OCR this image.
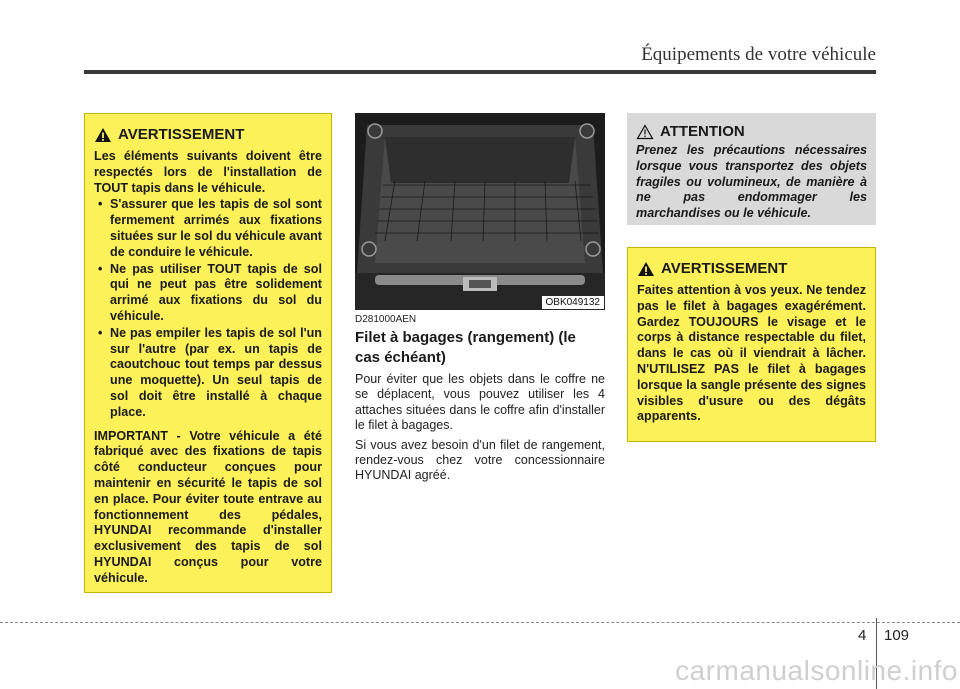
Équipements de votre véhicule
AVERTISSEMENT

Les éléments suivants doivent être respectés lors de l'installation de TOUT tapis dans le véhicule.

• S'assurer que les tapis de sol sont fermement arrimés aux fixations situées sur le sol du véhicule avant de conduire le véhicule.
• Ne pas utiliser TOUT tapis de sol qui ne peut pas être solidement arrimé aux fixations du sol du véhicule.
• Ne pas empiler les tapis de sol l'un sur l'autre (par ex. un tapis de caoutchouc tout temps par dessus une moquette). Un seul tapis de sol doit être installé à chaque place.

IMPORTANT - Votre véhicule a été fabriqué avec des fixations de tapis côté conducteur conçues pour maintenir en sécurité le tapis de sol en place. Pour éviter toute entrave au fonctionnement des pédales, HYUNDAI recommande d'installer exclusivement des tapis de sol HYUNDAI conçus pour votre véhicule.

OBK049132
D281000AEN
Filet à bagages (rangement) (le cas échéant)

Pour éviter que les objets dans le coffre ne se déplacent, vous pouvez utiliser les 4 attaches situées dans le coffre afin d'installer le filet à bagages.

Si vous avez besoin d'un filet de rangement, rendez-vous chez votre concessionnaire HYUNDAI agréé.

ATTENTION
Prenez les précautions nécessaires lorsque vous transportez des objets fragiles ou volumineux, de manière à ne pas endommager les marchandises ou le véhicule.
AVERTISSEMENT
Faites attention à vos yeux. Ne tendez pas le filet à bagages exagérément. Gardez TOUJOURS le visage et le corps à distance respectable du filet, dans le cas où il viendrait à lâcher. N'UTILISEZ PAS le filet à bagages lorsque la sangle présente des signes visibles d'usure ou des dégâts apparents.
4 109
carmanualsonline.info
